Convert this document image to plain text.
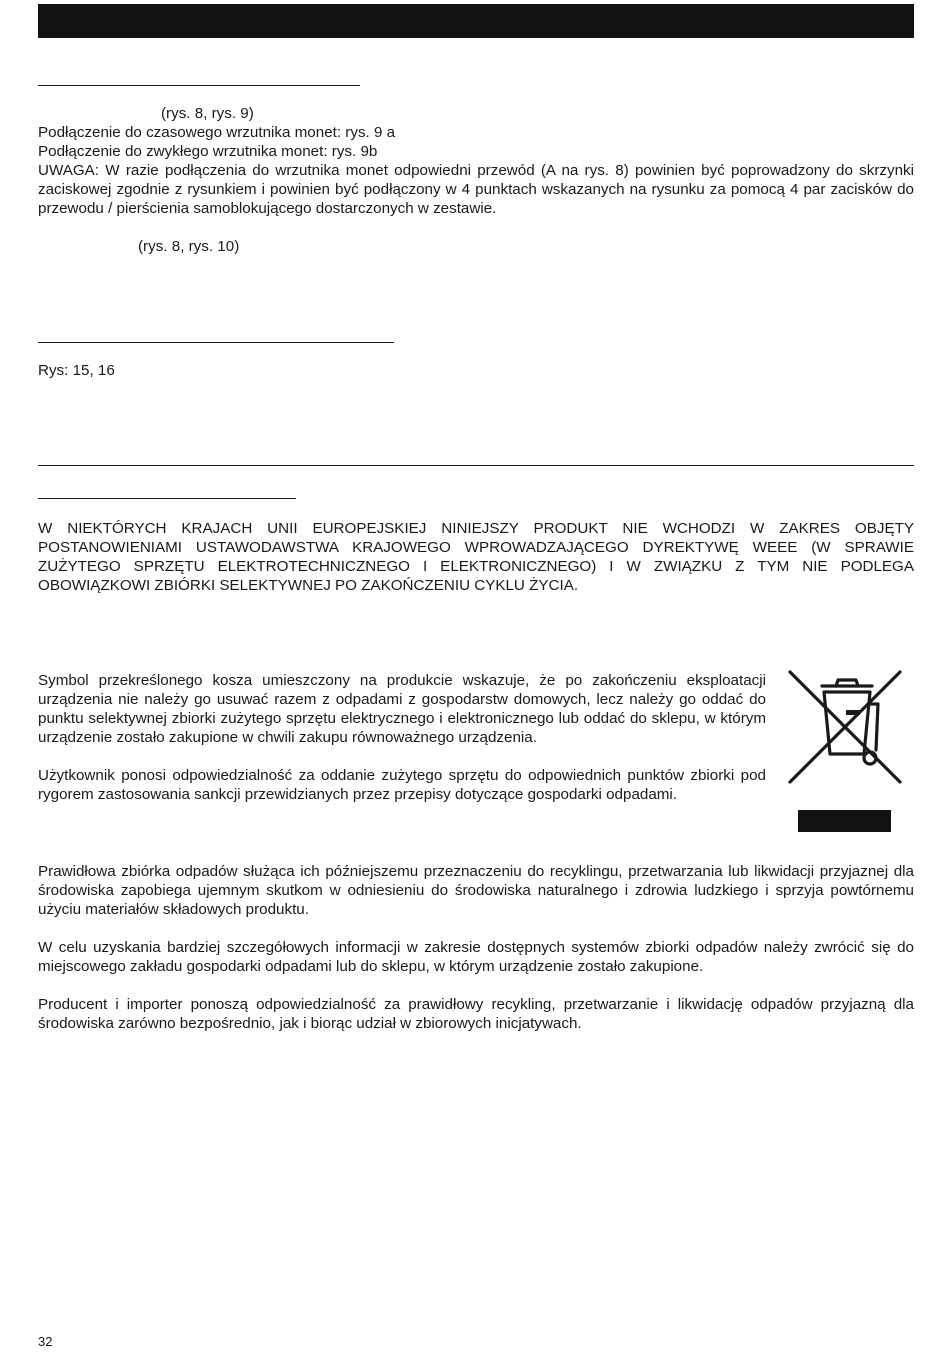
(rys. 8, rys. 9)
Podłączenie do czasowego wrzutnika monet: rys. 9 a
Podłączenie do zwykłego wrzutnika monet: rys. 9b

UWAGA: W razie podłączenia do wrzutnika monet odpowiedni przewód (A na rys. 8) powinien być poprowadzony do skrzynki zaciskowej zgodnie z rysunkiem i powinien być podłączony w 4 punktach wskazanych na rysunku za pomocą 4 par zacisków do przewodu / pierścienia samoblokującego dostarczonych w zestawie.

(rys. 8, rys. 10)
Rys: 15, 16

W NIEKTÓRYCH KRAJACH UNII EUROPEJSKIEJ NINIEJSZY PRODUKT NIE WCHODZI W ZAKRES OBJĘTY POSTANOWIENIAMI USTAWODAWSTWA KRAJOWEGO WPROWADZAJĄCEGO DYREKTYWĘ WEEE (W SPRAWIE ZUŻYTEGO SPRZĘTU ELEKTROTECHNICZNEGO I ELEKTRONICZNEGO) I W ZWIĄZKU Z TYM NIE PODLEGA OBOWIĄZKOWI ZBIÓRKI SELEKTYWNEJ PO ZAKOŃCZENIU CYKLU ŻYCIA.

Symbol przekreślonego kosza umieszczony na produkcie wskazuje, że po zakończeniu eksploatacji urządzenia nie należy go usuwać razem z odpadami z gospodarstw domowych, lecz należy go oddać do punktu selektywnej zbiorki zużytego sprzętu elektrycznego i elektronicznego lub oddać do sklepu, w którym urządzenie zostało zakupione w chwili zakupu równoważnego urządzenia.

Użytkownik ponosi odpowiedzialność za oddanie zużytego sprzętu do odpowiednich punktów zbiorki pod rygorem zastosowania sankcji przewidzianych przez przepisy dotyczące gospodarki odpadami.

Prawidłowa zbiórka odpadów służąca ich późniejszemu przeznaczeniu do recyklingu, przetwarzania lub likwidacji przyjaznej dla środowiska zapobiega ujemnym skutkom w odniesieniu do środowiska naturalnego i zdrowia ludzkiego i sprzyja powtórnemu użyciu materiałów składowych produktu.

W celu uzyskania bardziej szczegółowych informacji w zakresie dostępnych systemów zbiorki odpadów należy zwrócić się do miejscowego zakładu gospodarki odpadami lub do sklepu, w którym urządzenie zostało zakupione.

Producent i importer ponoszą odpowiedzialność za prawidłowy recykling, przetwarzanie i likwidację odpadów przyjazną dla środowiska zarówno bezpośrednio, jak i biorąc udział w zbiorowych inicjatywach.

32
